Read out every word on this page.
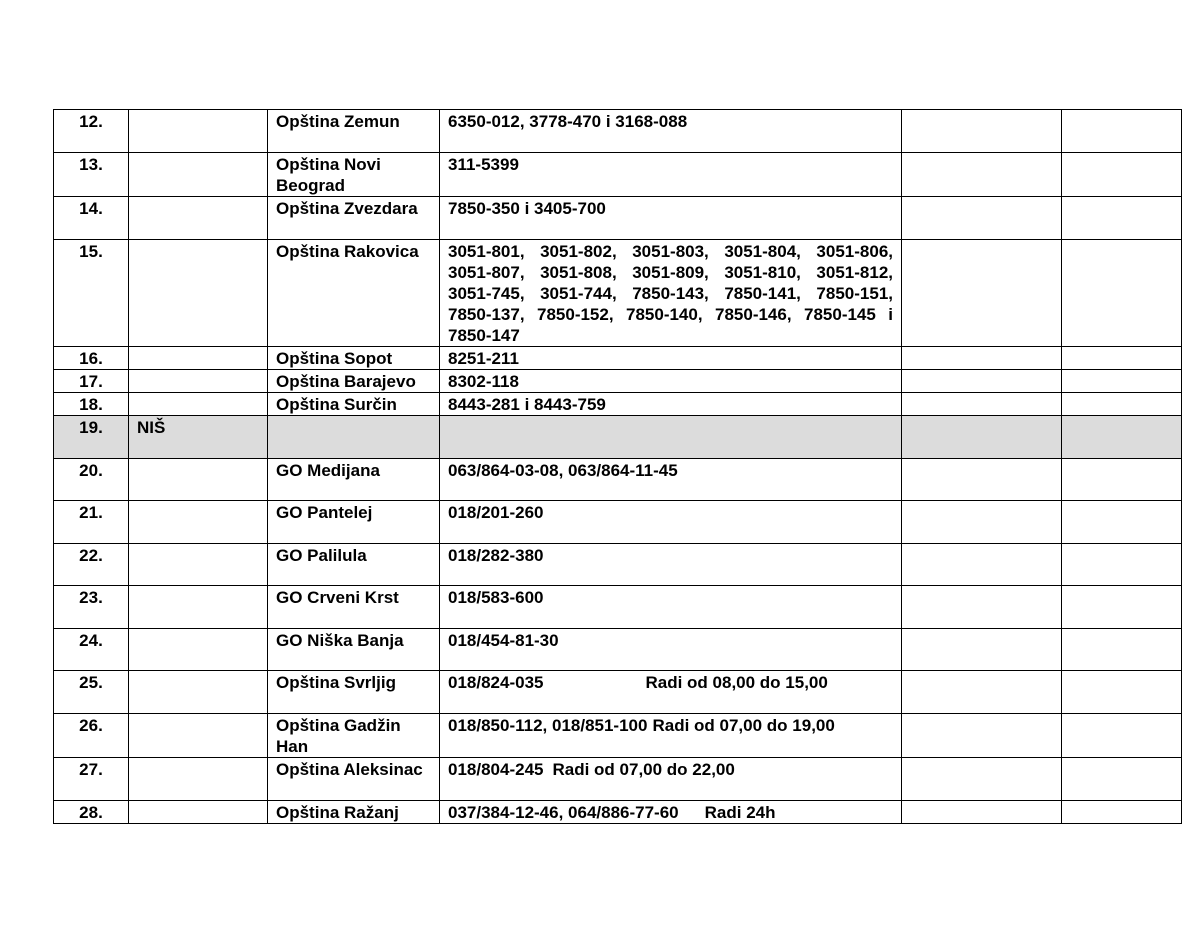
12.		Opština Zemun	6350-012, 3778-470 i 3168-088		
13.		Opština Novi Beograd	311-5399		
14.		Opština Zvezdara	7850-350 i 3405-700		
15.		Opština Rakovica	3051-801, 3051-802, 3051-803, 3051-804, 3051-806, 3051-807, 3051-808, 3051-809, 3051-810, 3051-812, 3051-745, 3051-744, 7850-143, 7850-141, 7850-151, 7850-137, 7850-152, 7850-140, 7850-146, 7850-145 i 7850-147		
16.		Opština Sopot	8251-211		
17.		Opština Barajevo	8302-118		
18.		Opština Surčin	8443-281 i 8443-759		
19.	NIŠ				
20.		GO Medijana	063/864-03-08, 063/864-11-45		
21.		GO Pantelej	018/201-260		
22.		GO Palilula	018/282-380		
23.		GO Crveni Krst	018/583-600		
24.		GO Niška Banja	018/454-81-30		
25.		Opština Svrljig	018/824-035 Radi od 08,00 do 15,00		
26.		Opština Gadžin Han	018/850-112, 018/851-100 Radi od 07,00 do 19,00		
27.		Opština Aleksinac	018/804-245 Radi od 07,00 do 22,00		
28.		Opština Ražanj	037/384-12-46, 064/886-77-60 Radi 24h		
